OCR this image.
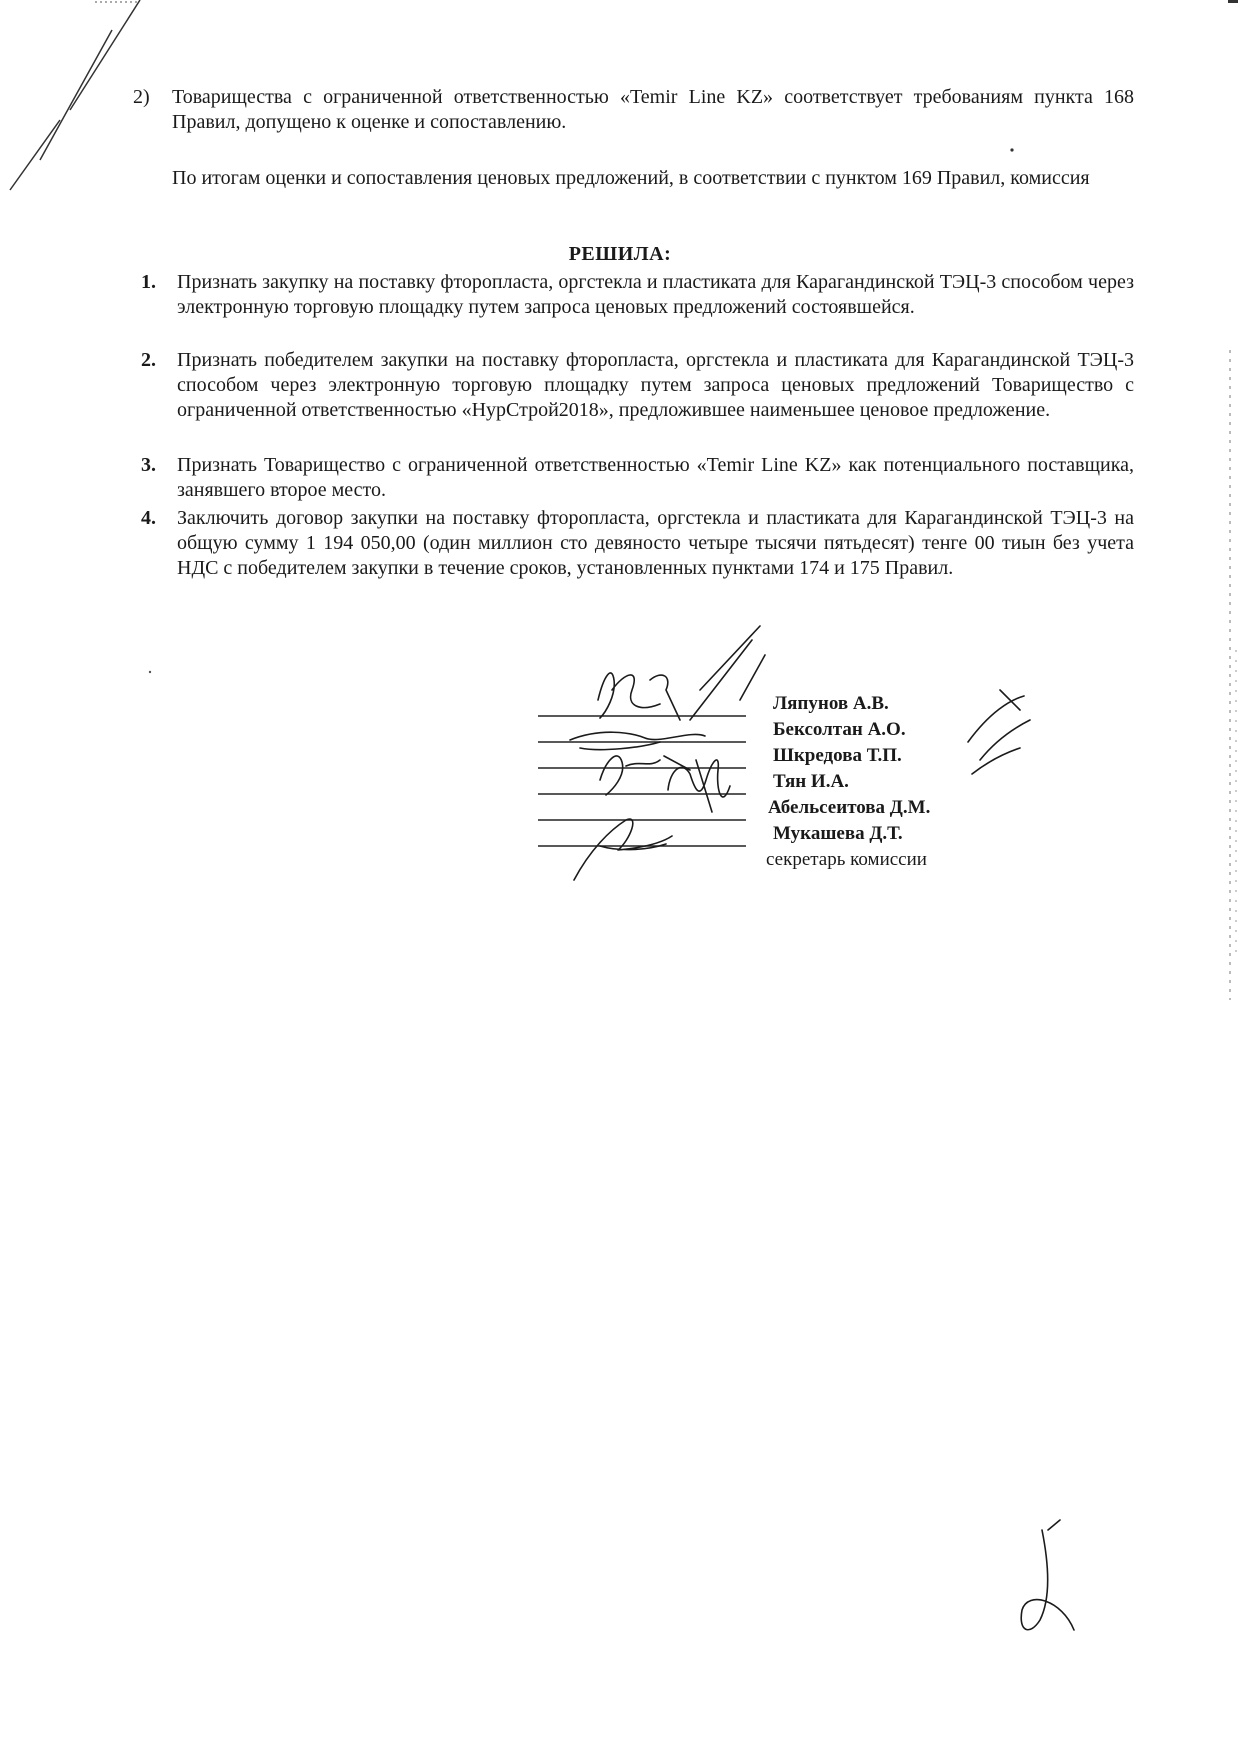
2) Товарищества с ограниченной ответственностью «Temir Line KZ» соответствует требованиям пункта 168 Правил, допущено к оценке и сопоставлению.
По итогам оценки и сопоставления ценовых предложений, в соответствии с пунктом 169 Правил, комиссия
РЕШИЛА:
1. Признать закупку на поставку фторопласта, оргстекла и пластиката для Карагандинской ТЭЦ-3 способом через электронную торговую площадку путем запроса ценовых предложений состоявшейся.
2. Признать победителем закупки на поставку фторопласта, оргстекла и пластиката для Карагандинской ТЭЦ-3 способом через электронную торговую площадку путем запроса ценовых предложений Товарищество с ограниченной ответственностью «НурСтрой2018», предложившее наименьшее ценовое предложение.
3. Признать Товарищество с ограниченной ответственностью «Temir Line KZ» как потенциального поставщика, занявшего второе место.
4. Заключить договор закупки на поставку фторопласта, оргстекла и пластиката для Карагандинской ТЭЦ-3 на общую сумму 1 194 050,00 (один миллион сто девяносто четыре тысячи пятьдесят) тенге 00 тиын без учета НДС с победителем закупки в течение сроков, установленных пунктами 174 и 175 Правил.
Ляпунов А.В.
Бексолтан А.О.
Шкредова Т.П.
Тян И.А.
Абельсеитова Д.М.
Мукашева Д.Т.
секретарь комиссии
